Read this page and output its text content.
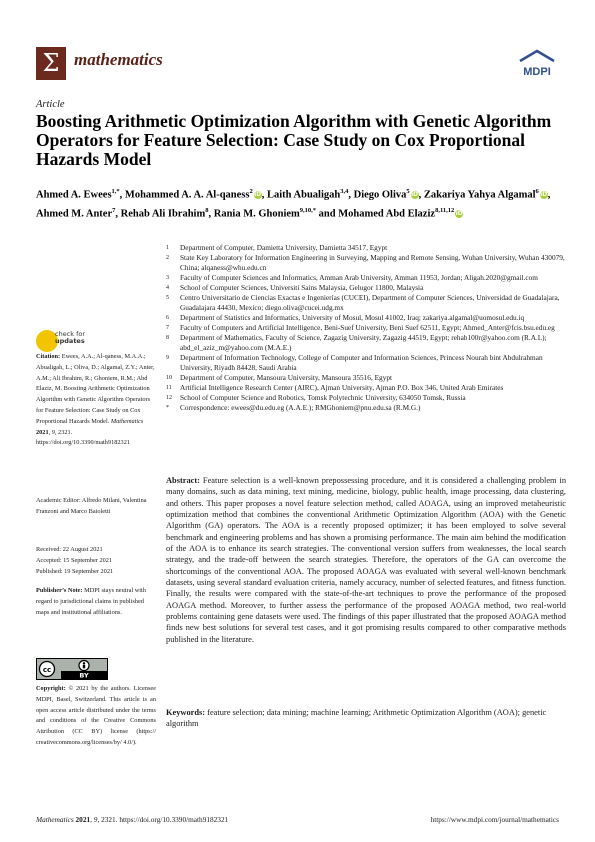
Σ mathematics
MDPI
Article
Boosting Arithmetic Optimization Algorithm with Genetic Algorithm Operators for Feature Selection: Case Study on Cox Proportional Hazards Model
Ahmed A. Ewees$^{1,*}$, Mohammed A. A. Al-qaness$^2$iD, Laith Abualigah$^{3,4}$, Diego Oliva$^5$iD, Zakariya Yahya Algamal$^6$iD, Ahmed M. Anter$^7$, Rehab Ali Ibrahim$^8$, Rania M. Ghoniem$^{9,10,*}$ and Mohamed Abd Elaziz$^{8,11,12}$iD
1	Department of Computer, Damietta University, Damietta 34517, Egypt
2	State Key Laboratory for Information Engineering in Surveying, Mapping and Remote Sensing, Wuhan University, Wuhan 430079, China; alqaness@whu.edu.cn
3	Faculty of Computer Sciences and Informatics, Amman Arab University, Amman 11953, Jordan; Aligah.2020@gmail.com
4	School of Computer Sciences, Universiti Sains Malaysia, Gelugor 11800, Malaysia
5	Centro Universitario de Ciencias Exactas e Ingenierías (CUCEI), Department of Computer Sciences, Universidad de Guadalajara, Guadalajara 44430, Mexico; diego.oliva@cucei.udg.mx
6	Department of Statistics and Informatics, University of Mosul, Mosul 41002, Iraq; zakariya.algamal@uomosul.edu.iq
7	Faculty of Computers and Artificial Intelligence, Beni-Suef University, Beni Suef 62511, Egypt; Ahmed_Anter@fcis.bsu.edu.eg
8	Department of Mathematics, Faculty of Science, Zagazig University, Zagazig 44519, Egypt; rehab100r@yahoo.com (R.A.I.); abd_el_aziz_m@yahoo.com (M.A.E.)
9	Department of Information Technology, College of Computer and Information Sciences, Princess Nourah bint Abdulrahman University, Riyadh 84428, Saudi Arabia
10	Department of Computer, Mansoura University, Mansoura 35516, Egypt
11	Artificial Intelligence Research Center (AIRC), Ajman University, Ajman P.O. Box 346, United Arab Emirates
12	School of Computer Science and Robotics, Tomsk Polytechnic University, 634050 Tomsk, Russia
*	Correspondence: ewees@du.edu.eg (A.A.E.); RMGhoniem@pnu.edu.sa (R.M.G.)
check for
updates
Citation: Ewees, A.A.; Al-qaness, M.A.A.; Abualigah, L.; Oliva, D.; Algamal, Z.Y.; Anter, A.M.; Ali Ibrahim, R.; Ghoniem, R.M.; Abd Elaziz, M. Boosting Arithmetic Optimization Algorithm with Genetic Algorithm Operators for Feature Selection: Case Study on Cox Proportional Hazards Model. Mathematics 2021, 9, 2321. https://doi.org/10.3390/math9182321
Academic Editor: Alfredo Milani, Valentina Franzoni and Marco Baioletti
Received: 22 August 2021
Accepted: 15 September 2021
Published: 19 September 2021
Publisher’s Note: MDPI stays neutral with regard to jurisdictional claims in published maps and institutional affiliations.
cc
BY
Copyright: © 2021 by the authors. Licensee MDPI, Basel, Switzerland. This article is an open access article distributed under the terms and conditions of the Creative Commons Attribution (CC BY) license (https:// creativecommons.org/licenses/by/ 4.0/).
Abstract: Feature selection is a well-known prepossessing procedure, and it is considered a challenging problem in many domains, such as data mining, text mining, medicine, biology, public health, image processing, data clustering, and others. This paper proposes a novel feature selection method, called AOAGA, using an improved metaheuristic optimization method that combines the conventional Arithmetic Optimization Algorithm (AOA) with the Genetic Algorithm (GA) operators. The AOA is a recently proposed optimizer; it has been employed to solve several benchmark and engineering problems and has shown a promising performance. The main aim behind the modification of the AOA is to enhance its search strategies. The conventional version suffers from weaknesses, the local search strategy, and the trade-off between the search strategies. Therefore, the operators of the GA can overcome the shortcomings of the conventional AOA. The proposed AOAGA was evaluated with several well-known benchmark datasets, using several standard evaluation criteria, namely accuracy, number of selected features, and fitness function. Finally, the results were compared with the state-of-the-art techniques to prove the performance of the proposed AOAGA method. Moreover, to further assess the performance of the proposed AOAGA method, two real-world problems containing gene datasets were used. The findings of this paper illustrated that the proposed AOAGA method finds new best solutions for several test cases, and it got promising results compared to other comparative methods published in the literature.
Keywords: feature selection; data mining; machine learning; Arithmetic Optimization Algorithm (AOA); genetic algorithm
Mathematics 2021, 9, 2321. https://doi.org/10.3390/math9182321	https://www.mdpi.com/journal/mathematics
